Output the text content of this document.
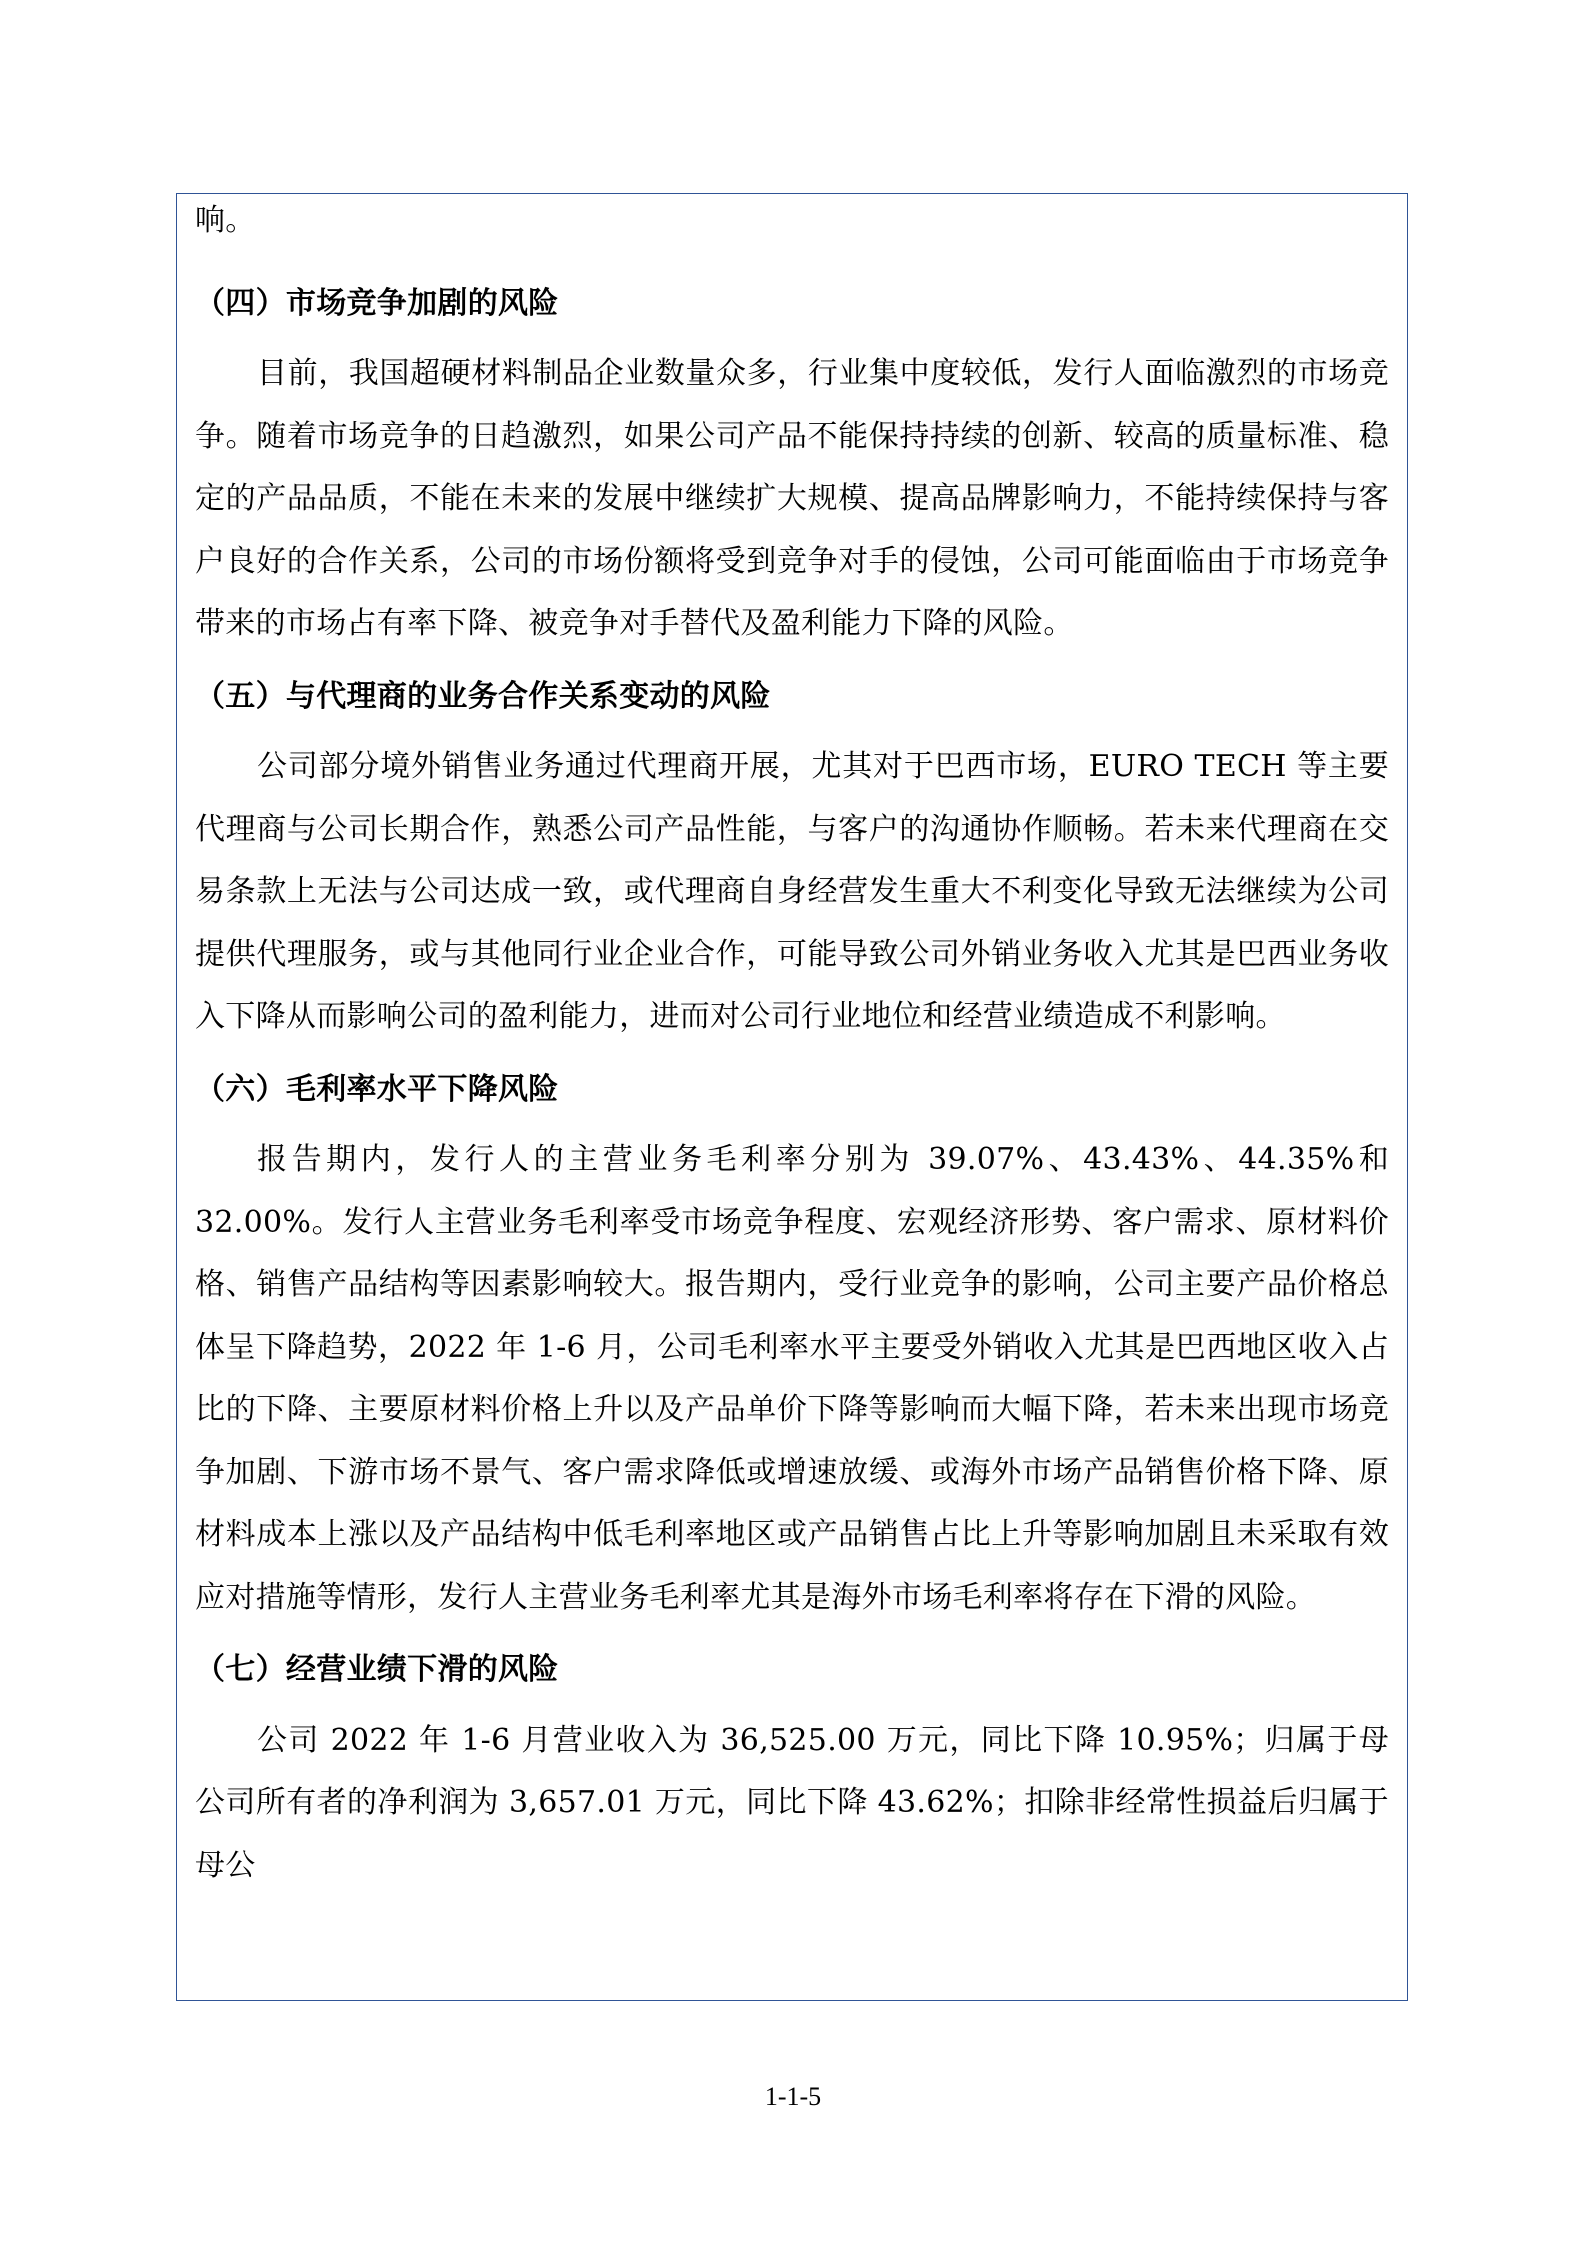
响。

（四）市场竞争加剧的风险

目前，我国超硬材料制品企业数量众多，行业集中度较低，发行人面临激烈的市场竞争。随着市场竞争的日趋激烈，如果公司产品不能保持持续的创新、较高的质量标准、稳定的产品品质，不能在未来的发展中继续扩大规模、提高品牌影响力，不能持续保持与客户良好的合作关系，公司的市场份额将受到竞争对手的侵蚀，公司可能面临由于市场竞争带来的市场占有率下降、被竞争对手替代及盈利能力下降的风险。

（五）与代理商的业务合作关系变动的风险

公司部分境外销售业务通过代理商开展，尤其对于巴西市场，EURO TECH 等主要代理商与公司长期合作，熟悉公司产品性能，与客户的沟通协作顺畅。若未来代理商在交易条款上无法与公司达成一致，或代理商自身经营发生重大不利变化导致无法继续为公司提供代理服务，或与其他同行业企业合作，可能导致公司外销业务收入尤其是巴西业务收入下降从而影响公司的盈利能力，进而对公司行业地位和经营业绩造成不利影响。

（六）毛利率水平下降风险

报告期内，发行人的主营业务毛利率分别为 39.07%、43.43%、44.35%和 32.00%。发行人主营业务毛利率受市场竞争程度、宏观经济形势、客户需求、原材料价格、销售产品结构等因素影响较大。报告期内，受行业竞争的影响，公司主要产品价格总体呈下降趋势，2022 年 1-6 月，公司毛利率水平主要受外销收入尤其是巴西地区收入占比的下降、主要原材料价格上升以及产品单价下降等影响而大幅下降，若未来出现市场竞争加剧、下游市场不景气、客户需求降低或增速放缓、或海外市场产品销售价格下降、原材料成本上涨以及产品结构中低毛利率地区或产品销售占比上升等影响加剧且未采取有效应对措施等情形，发行人主营业务毛利率尤其是海外市场毛利率将存在下滑的风险。

（七）经营业绩下滑的风险

公司 2022 年 1-6 月营业收入为 36,525.00 万元，同比下降 10.95%；归属于母公司所有者的净利润为 3,657.01 万元，同比下降 43.62%；扣除非经常性损益后归属于母公

1-1-5
